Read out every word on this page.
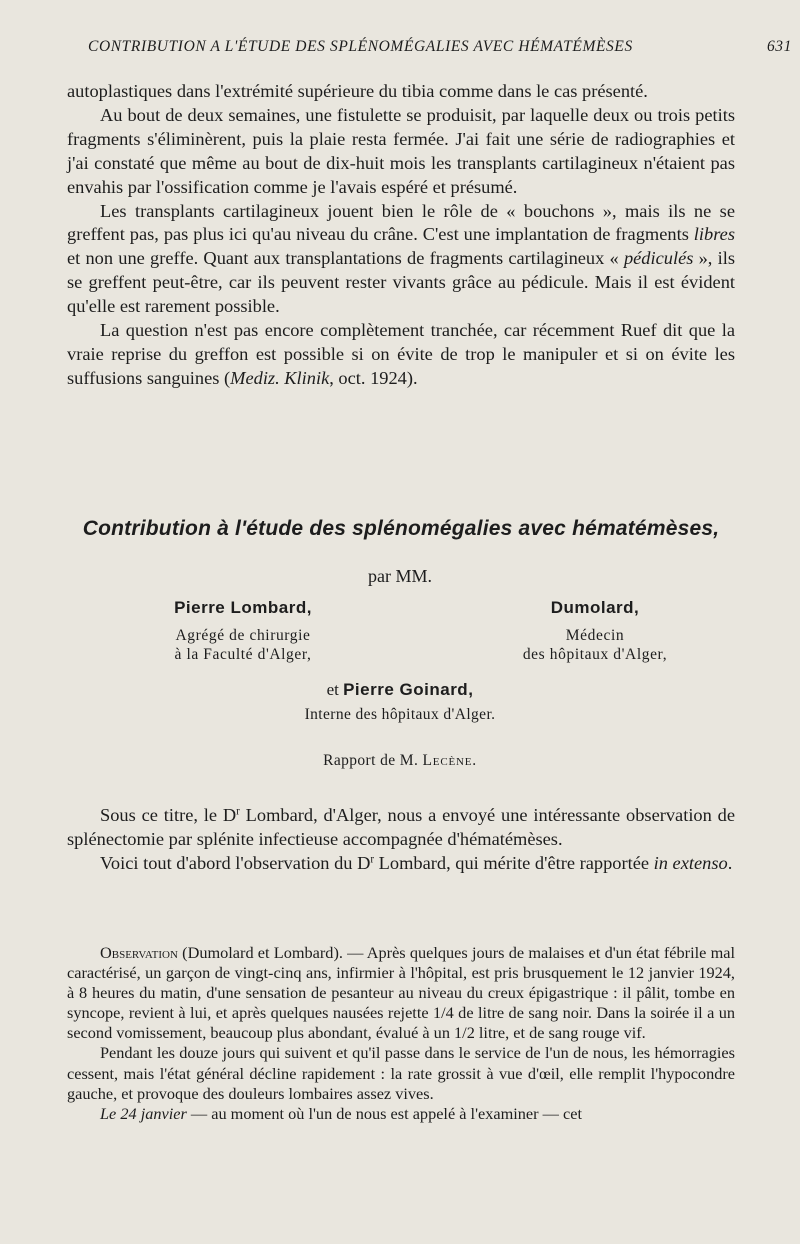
CONTRIBUTION A L'ÉTUDE DES SPLÉNOMÉGALIES AVEC HÉMATÉMÈSES	631

autoplastiques dans l'extrémité supérieure du tibia comme dans le cas présenté.

Au bout de deux semaines, une fistulette se produisit, par laquelle deux ou trois petits fragments s'éliminèrent, puis la plaie resta fermée. J'ai fait une série de radiographies et j'ai constaté que même au bout de dix-huit mois les transplants cartilagineux n'étaient pas envahis par l'ossification comme je l'avais espéré et présumé.

Les transplants cartilagineux jouent bien le rôle de « bouchons », mais ils ne se greffent pas, pas plus ici qu'au niveau du crâne. C'est une implantation de fragments libres et non une greffe. Quant aux transplantations de fragments cartilagineux « pédiculés », ils se greffent peut-être, car ils peuvent rester vivants grâce au pédicule. Mais il est évident qu'elle est rarement possible.

La question n'est pas encore complètement tranchée, car récemment Ruef dit que la vraie reprise du greffon est possible si on évite de trop le manipuler et si on évite les suffusions sanguines (Mediz. Klinik, oct. 1924).

Contribution à l'étude des splénomégalies avec hématémèses,
par MM.
Pierre Lombard,
Agrégé de chirurgie
à la Faculté d'Alger,
Dumolard,
Médecin
des hôpitaux d'Alger,
et Pierre Goinard,
Interne des hôpitaux d'Alger.
Rapport de M. Lecène.

Sous ce titre, le $D^r$ Lombard, d'Alger, nous a envoyé une intéressante observation de splénectomie par splénite infectieuse accompagnée d'hématémèses.

Voici tout d'abord l'observation du $D^r$ Lombard, qui mérite d'être rapportée in extenso.

Observation (Dumolard et Lombard). — Après quelques jours de malaises et d'un état fébrile mal caractérisé, un garçon de vingt-cinq ans, infirmier à l'hôpital, est pris brusquement le 12 janvier 1924, à 8 heures du matin, d'une sensation de pesanteur au niveau du creux épigastrique : il pâlit, tombe en syncope, revient à lui, et après quelques nausées rejette 1/4 de litre de sang noir. Dans la soirée il a un second vomissement, beaucoup plus abondant, évalué à un 1/2 litre, et de sang rouge vif.

Pendant les douze jours qui suivent et qu'il passe dans le service de l'un de nous, les hémorragies cessent, mais l'état général décline rapidement : la rate grossit à vue d'œil, elle remplit l'hypocondre gauche, et provoque des douleurs lombaires assez vives.

Le 24 janvier — au moment où l'un de nous est appelé à l'examiner — cet
